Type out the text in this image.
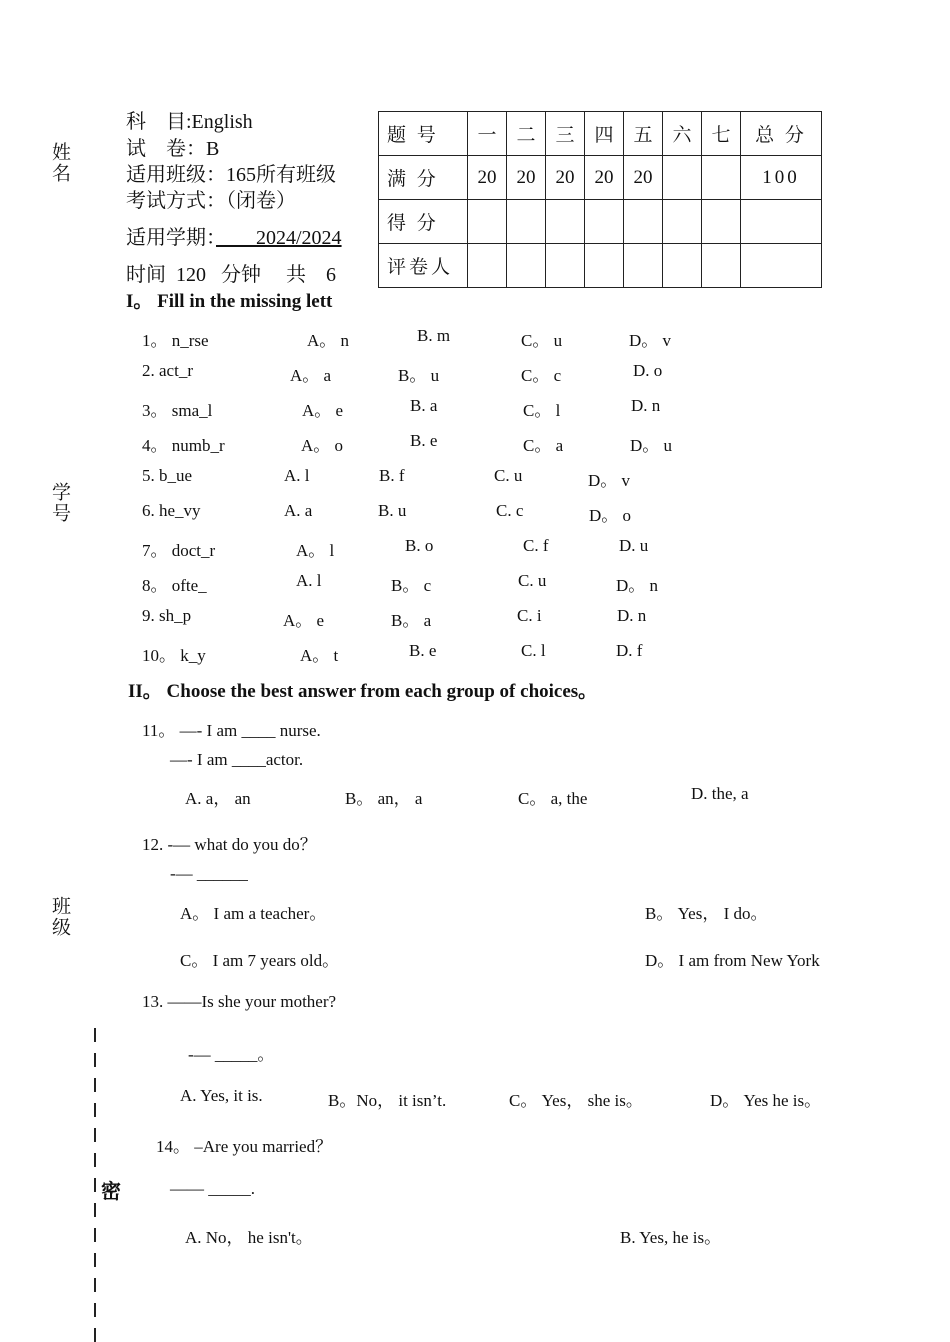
姓名
学号
班级
密
科　目:English
试　卷：B
适用班级：165所有班级
考试方式：（闭卷）
适用学期：　　2024/2024
时间 120 分钟 共 6
I。 Fill in the missing lett
题 号	一	二	三	四	五	六	七	总 分
满 分	20	20	20	20	20			100
得 分								
评卷人								
1。 n_rse	A。 n	B. m	C。 u	D。 v
2. act_r	A。 a	B。 u	C。 c	D. o
3。 sma_l	A。 e	B. a	C。 l	D. n
4。 numb_r	A。 o	B. e	C。 a	D。 u
5. b_ue	A. l	B. f	C. u	D。 v
6. he_vy	A. a	B. u	C. c	D。 o
7。 doct_r	A。 l	B. o	C. f	D. u
8。 ofte_	A. l	B。 c	C. u	D。 n
9. sh_p	A。 e	B。 a	C. i	D. n
10。 k_y	A。 t	B. e	C. l	D. f
II。 Choose the best answer from each group of choices。
11。 —- I am ____ nurse.
—- I am ____actor.
A. a， an	B。 an， a	C。 a, the	D. the, a
12. -— what do you do？
-— ______
A。 I am a teacher。	B。 Yes， I do。
C。 I am 7 years old。	D。 I am from New York
13. ——Is she your mother?
-— _____。
A. Yes, it is.	B。No， it isn’t.	C。 Yes， she is。	D。 Yes he is。
14。 –Are you married？
—— _____.
A. No， he isn't。	B. Yes, he is。
